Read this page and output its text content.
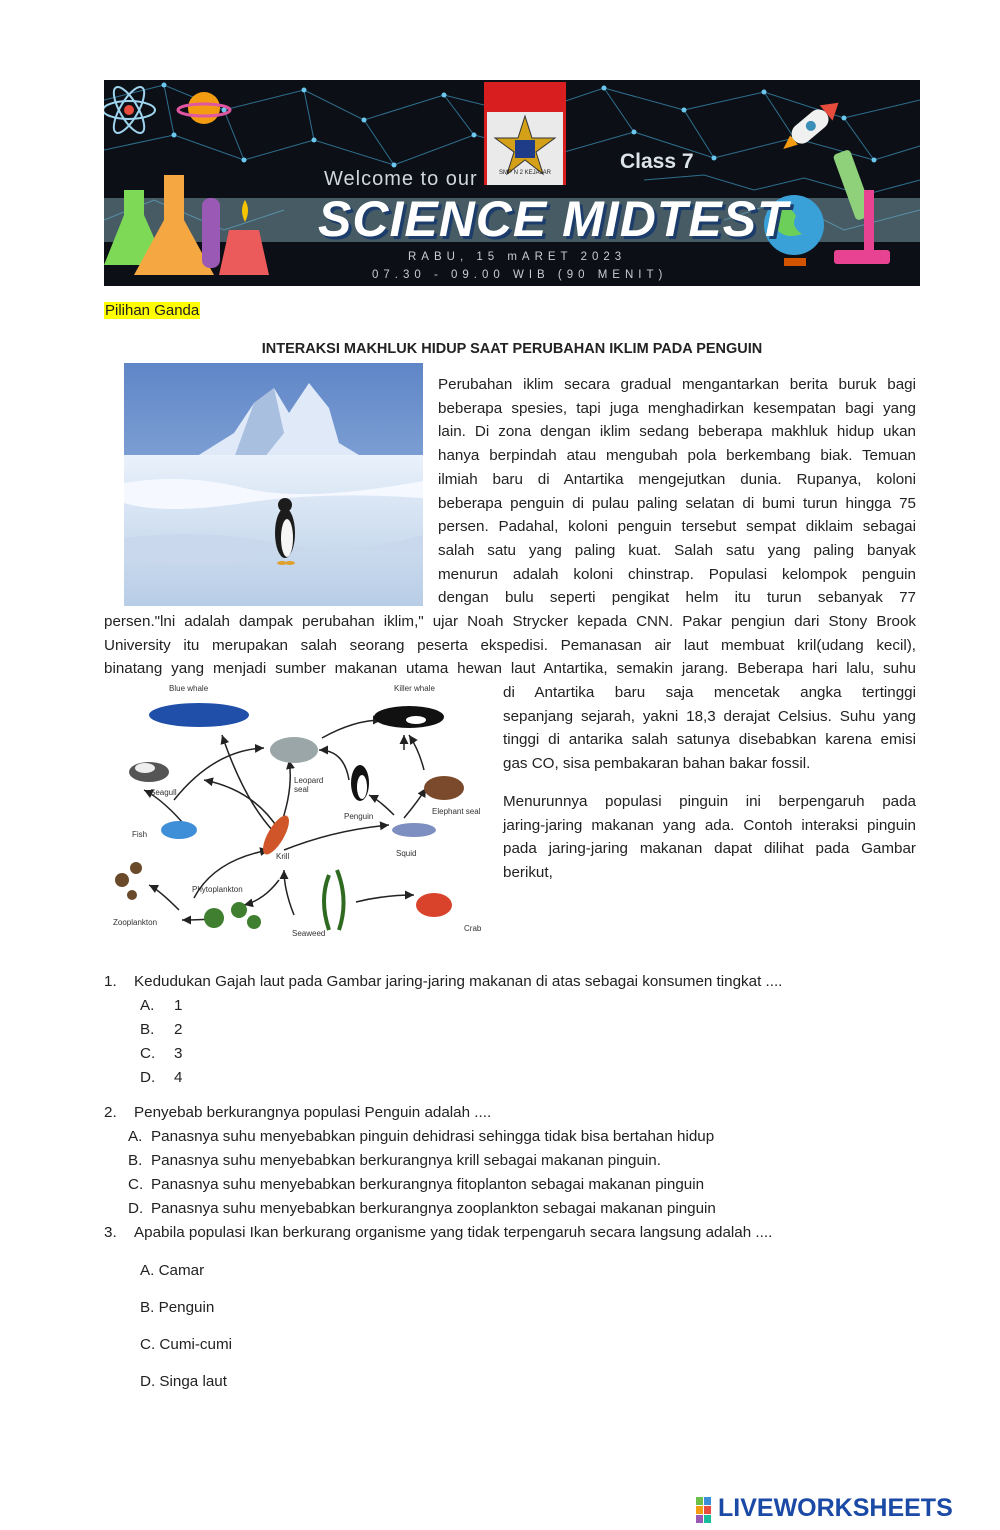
SMP N 2 KEJAJAR
Welcome to our
Class 7
SCIENCE MIDTEST
RABU, 15 mARET 2023
07.30 - 09.00 WIB (90 MENIT)
Pilihan Ganda
INTERAKSI MAKHLUK HIDUP SAAT PERUBAHAN IKLIM PADA PENGUIN
Perubahan iklim secara gradual mengantarkan berita buruk bagi
beberapa spesies, tapi juga menghadirkan kesempatan bagi yang
lain. Di zona dengan iklim sedang beberapa makhluk hidup ukan
hanya berpindah atau mengubah pola berkembang biak. Temuan
ilmiah baru di Antartika mengejutkan dunia. Rupanya, koloni
beberapa penguin di pulau paling selatan di bumi turun hingga 75
persen. Padahal, koloni penguin tersebut sempat diklaim sebagai
salah satu yang paling kuat. Salah satu yang paling banyak
menurun adalah koloni chinstrap. Populasi kelompok penguin
dengan bulu seperti pengikat helm itu turun sebanyak 77
persen."lni adalah dampak perubahan iklim," ujar Noah Strycker kepada CNN. Pakar pengiun dari Stony Brook
University itu merupakan salah seorang peserta ekspedisi. Pemanasan air laut membuat kril(udang kecil),
binatang yang menjadi sumber makanan utama hewan laut Antartika, semakin jarang. Beberapa hari lalu, suhu
di Antartika baru saja mencetak angka tertinggi
sepanjang sejarah, yakni 18,3 derajat Celsius. Suhu yang
tinggi di antarika salah satunya disebabkan karena emisi
gas CO, sisa pembakaran bahan bakar fossil.
Menurunnya populasi pinguin ini berpengaruh pada
jaring-jaring makanan yang ada. Contoh interaksi pinguin
pada jaring-jaring makanan dapat dilihat pada Gambar
berikut,
Blue whale	Killer whale
Seagull
Leopard
seal
Penguin
Elephant seal
Fish
Krill	Squid
Phytoplankton
Zooplankton
Seaweed
Crab
1.	Kedudukan Gajah laut pada Gambar jaring-jaring makanan di atas sebagai konsumen tingkat ....
A.	1
B.	2
C.	3
D.	4
2.	Penyebab berkurangnya populasi Penguin adalah ....
A. Panasnya suhu menyebabkan pinguin dehidrasi sehingga tidak bisa bertahan hidup
B. Panasnya suhu menyebabkan berkurangnya krill sebagai makanan pinguin.
C. Panasnya suhu menyebabkan berkurangnya fitoplanton sebagai makanan pinguin
D. Panasnya suhu menyebabkan berkurangnya zooplankton sebagai makanan pinguin
3.	Apabila populasi Ikan berkurang organisme yang tidak terpengaruh secara langsung adalah ....
A. Camar
B. Penguin
C. Cumi-cumi
D. Singa laut
LIVEWORKSHEETS
